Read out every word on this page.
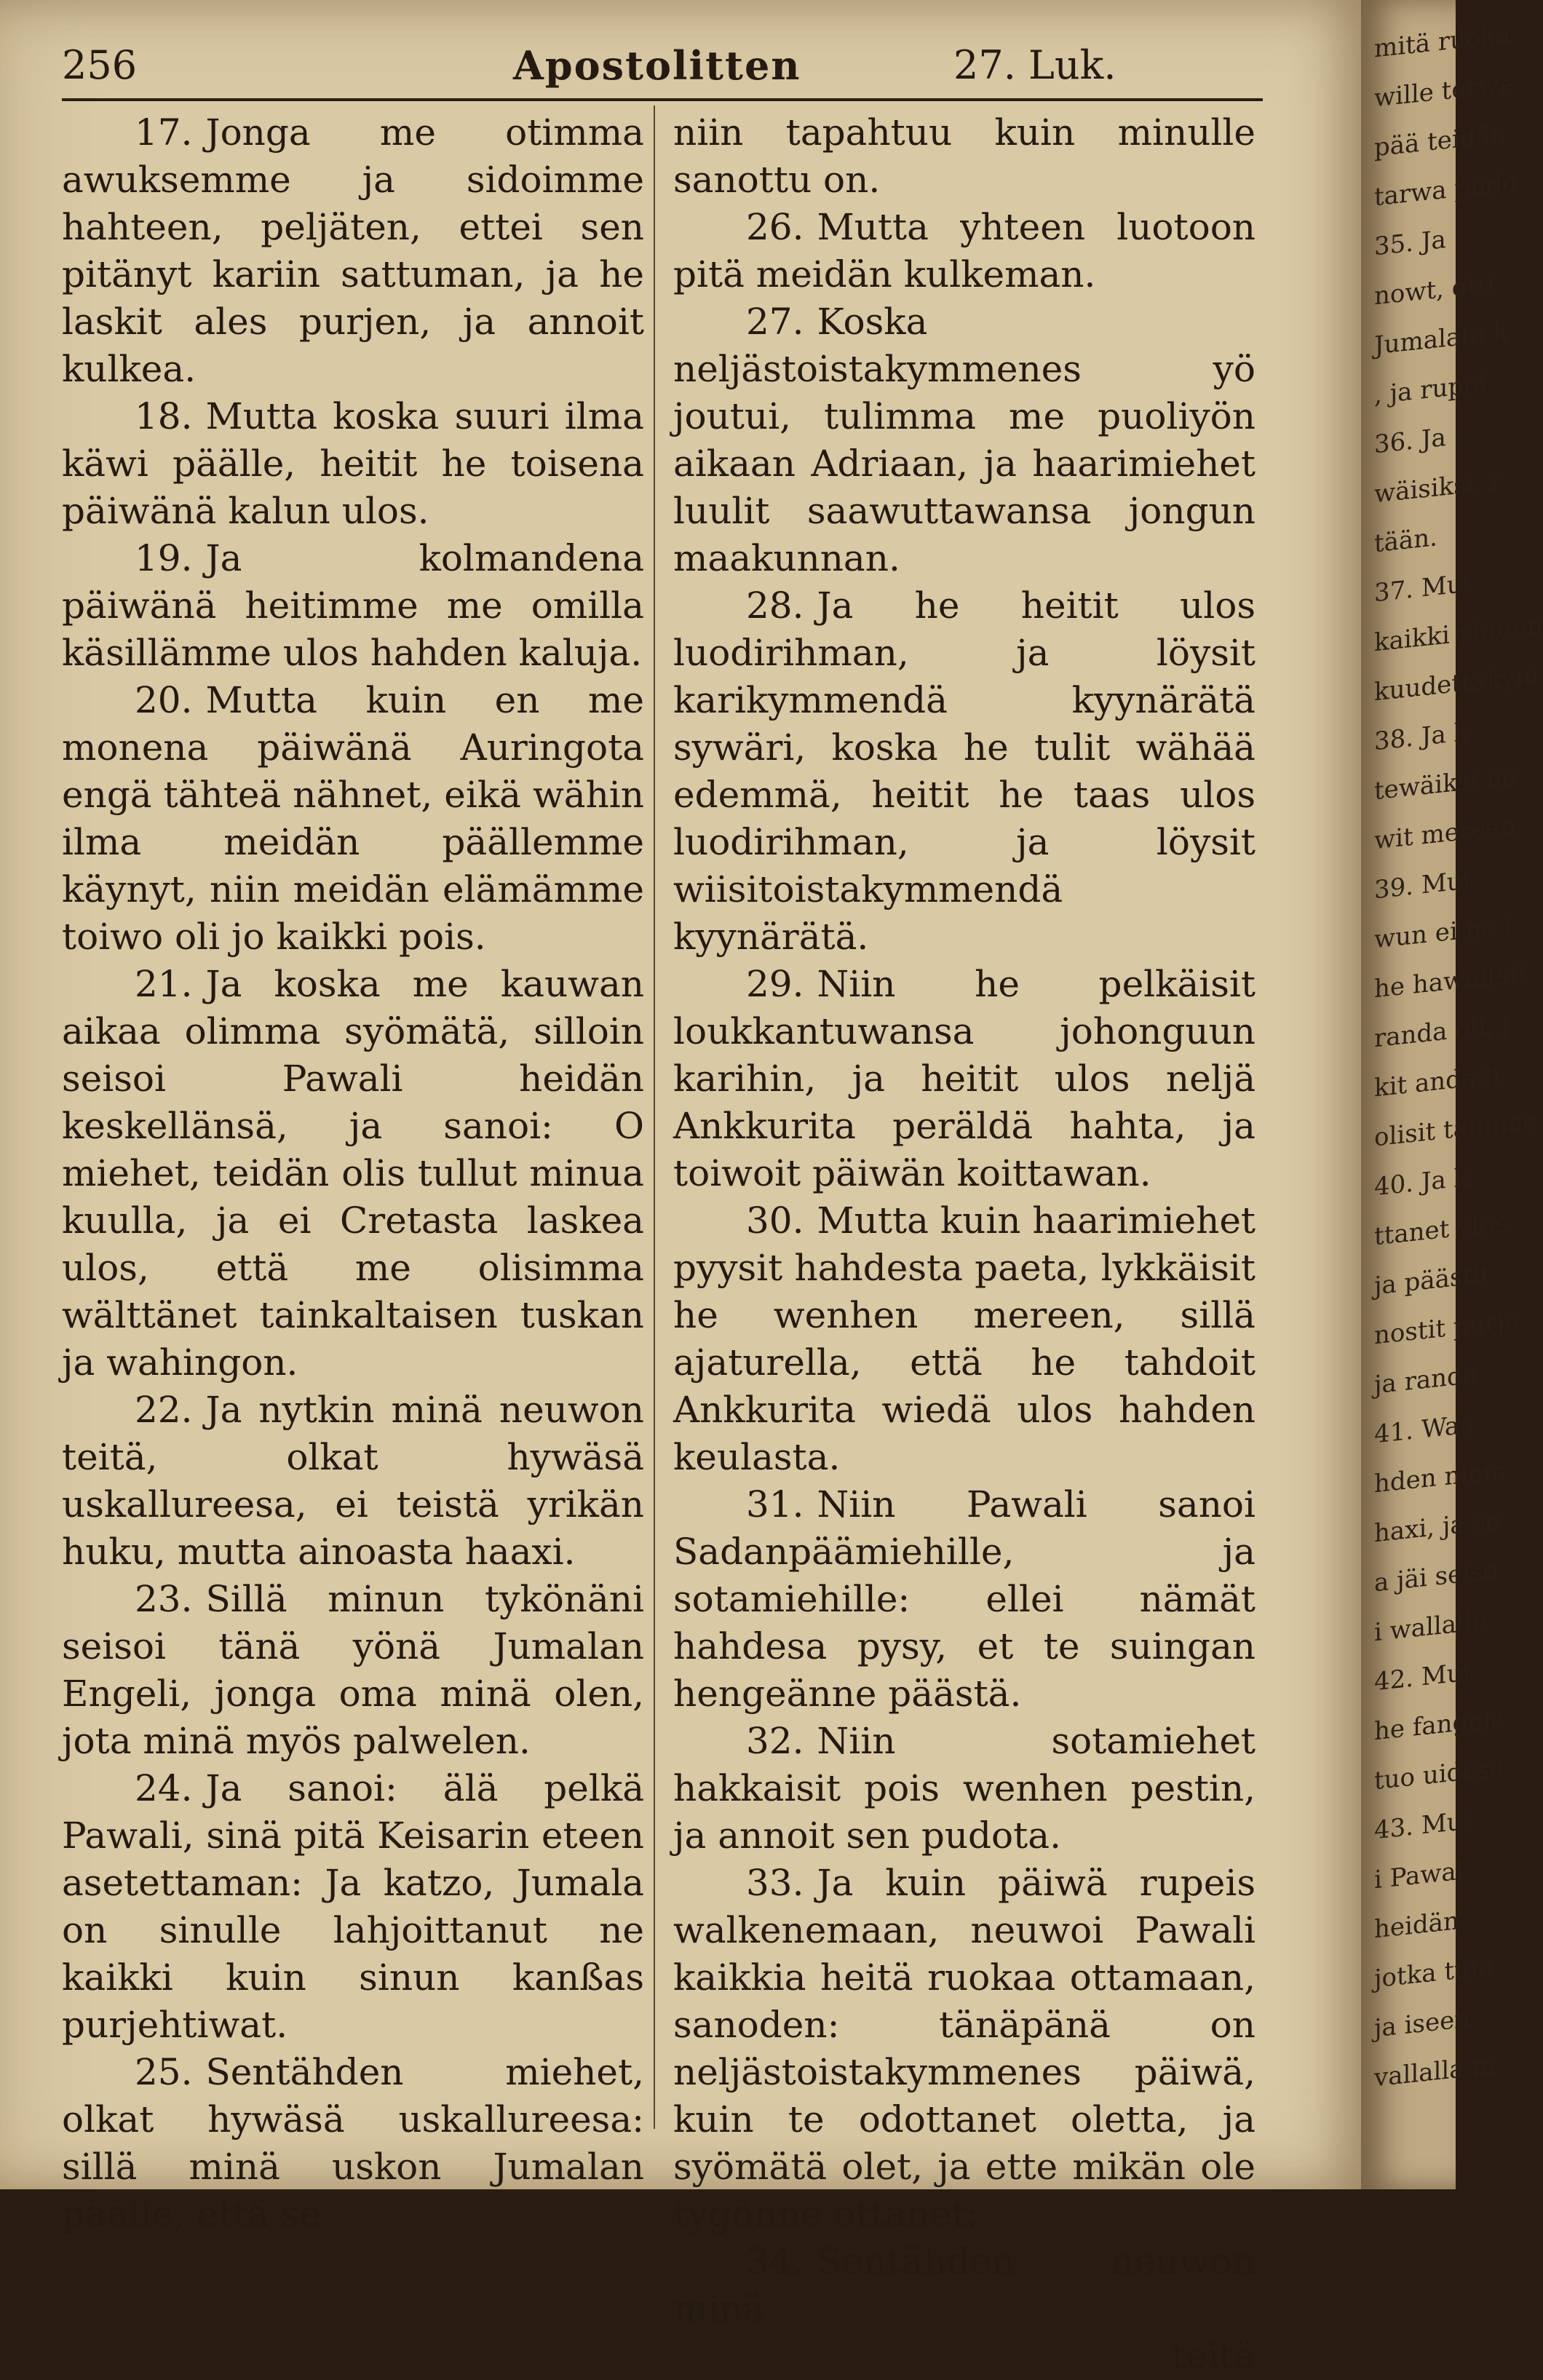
256	Apostolitten	27. Luk.

17. Jonga me otimma awuksemme ja sidoimme hahteen, peljäten, ettei sen pitänyt kariin sattuman, ja he laskit ales purjen, ja annoit kulkea.

18. Mutta koska suuri ilma käwi päälle, heitit he toisena päiwänä kalun ulos.

19. Ja kolmandena päiwänä heitimme me omilla käsillämme ulos hahden kaluja.

20. Mutta kuin en me monena päiwänä Auringota engä tähteä nähnet, eikä wähin ilma meidän päällemme käynyt, niin meidän elämämme toiwo oli jo kaikki pois.

21. Ja koska me kauwan aikaa olimma syömätä, silloin seisoi Pawali heidän keskellänsä, ja sanoi: O miehet, teidän olis tullut minua kuulla, ja ei Cretasta laskea ulos, että me olisimma wälttänet tainkaltaisen tuskan ja wahingon.

22. Ja nytkin minä neuwon teitä, olkat hywäsä uskallureesa, ei teistä yrikän huku, mutta ainoasta haaxi.

23. Sillä minun tykönäni seisoi tänä yönä Jumalan Engeli, jonga oma minä olen, jota minä myös palwelen.

24. Ja sanoi: älä pelkä Pawali, sinä pitä Keisarin eteen asetettaman: Ja katzo, Jumala on sinulle lahjoittanut ne kaikki kuin sinun kanßas purjehtiwat.

25. Sentähden miehet, olkat hywäsä uskallureesa: sillä minä uskon Jumalan päälle, että se

niin tapahtuu kuin minulle sanottu on.

26. Mutta yhteen luotoon pitä meidän kulkeman.

27. Koska neljästoistakymmenes yö joutui, tulimma me puoliyön aikaan Adriaan, ja haarimiehet luulit saawuttawansa jongun maakunnan.

28. Ja he heitit ulos luodirihman, ja löysit karikymmendä kyynärätä sywäri, koska he tulit wähää edemmä, heitit he taas ulos luodirihman, ja löysit wiisitoistakymmendä kyynärätä.

29. Niin he pelkäisit loukkantuwansa johonguun karihin, ja heitit ulos neljä Ankkurita peräldä hahta, ja toiwoit päiwän koittawan.

30. Mutta kuin haarimiehet pyysit hahdesta paeta, lykkäisit he wenhen mereen, sillä ajaturella, että he tahdoit Ankkurita wiedä ulos hahden keulasta.

31. Niin Pawali sanoi Sadanpäämiehille, ja sotamiehille: ellei nämät hahdesa pysy, et te suingan hengeänne päästä.

32. Niin sotamiehet hakkaisit pois wenhen pestin, ja annoit sen pudota.

33. Ja kuin päiwä rupeis walkenemaan, neuwoi Pawali kaikkia heitä ruokaa ottamaan, sanoden: tänäpänä on neljästoistakymmenes päiwä, kuin te odottanet oletta, ja syömätä olet, ja ette mikän ole tygönne ottanet:

34. Sentähden neuwon minä

teitä

mitä ruoka
wille terwe
pää teidän
tarwa pudo
35. Ja
nowt, otti
Jumalata k
, ja rupei
36. Ja
wäisiksi, r
tään.
37. Mut
kaikki yhteen
kuudettakym
38. Ja k
tewäiksi he
wit mereen.
39. Mut
wun ei he t
he hawaitsit
randa oli, j
kit anda h
olisit tainnee
40. Ja k
ttanet ylös
ja päästit
nostit purje
ja randa
41. Waa
hden niem
haxi, ja se
a jäi seiso
i wallalle
42. Mut
he fangeja
tuo uidesa
43. Mut
i Pawal
heidän
jotka tuin
ja iseen
vallalla m
